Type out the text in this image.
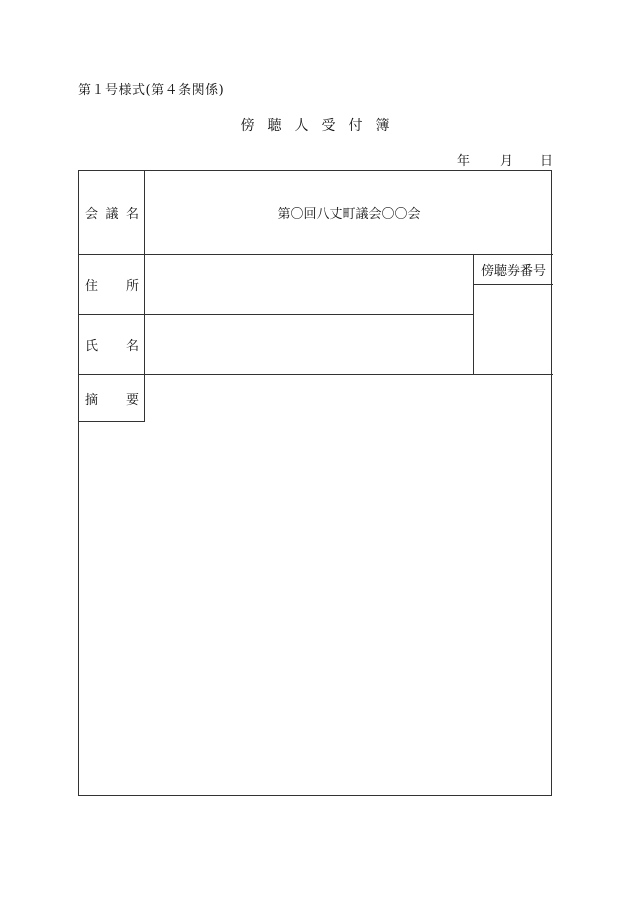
第１号様式(第４条関係)
傍聴人受付簿
年 月 日
会 議 名	第〇回八丈町議会〇〇会
住 所
傍聴券番号
氏 名
摘 要
